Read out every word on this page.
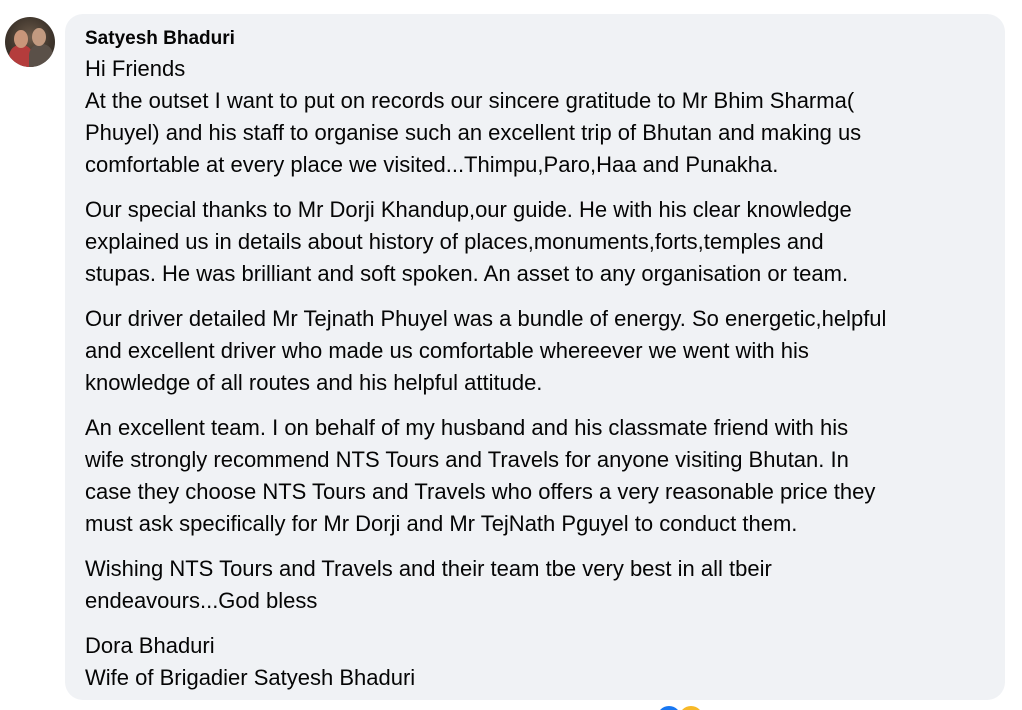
Satyesh Bhaduri
Hi Friends
At the outset I want to put on records our sincere gratitude to Mr Bhim Sharma(
Phuyel) and his staff to organise such an excellent trip of Bhutan and making us
comfortable at every place we visited...Thimpu,Paro,Haa and Punakha.
Our special thanks to Mr Dorji Khandup,our guide. He with his clear knowledge
explained us in details about history of places,monuments,forts,temples and
stupas. He was brilliant and soft spoken. An asset to any organisation or team.
Our driver detailed Mr Tejnath Phuyel was a bundle of energy. So energetic,helpful
and excellent driver who made us comfortable whereever we went with his
knowledge of all routes and his helpful attitude.
An excellent team. I on behalf of my husband and his classmate friend with his
wife strongly recommend NTS Tours and Travels for anyone visiting Bhutan. In
case they choose NTS Tours and Travels who offers a very reasonable price they
must ask specifically for Mr Dorji and Mr TejNath Pguyel to conduct them.
Wishing NTS Tours and Travels and their team tbe very best in all tbeir
endeavours...God bless
Dora Bhaduri
Wife of Brigadier Satyesh Bhaduri
